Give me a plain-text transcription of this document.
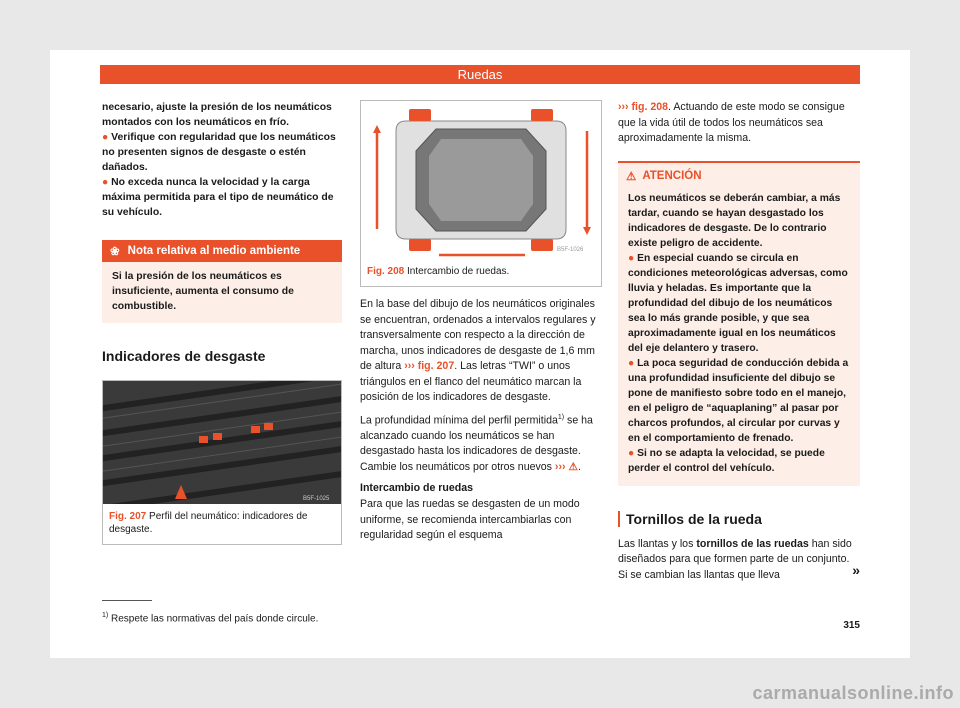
Ruedas

necesario, ajuste la presión de los neumáticos montados con los neumáticos en frío.

● Verifique con regularidad que los neumáticos no presenten signos de desgaste o estén dañados.

● No exceda nunca la velocidad y la carga máxima permitida para el tipo de neumático de su vehículo.

❀ Nota relativa al medio ambiente
Si la presión de los neumáticos es insuficiente, aumenta el consumo de combustible.
Indicadores de desgaste
B5F-1025
Fig. 207 Perfil del neumático: indicadores de desgaste.
B5F-1026
Fig. 208 Intercambio de ruedas.

En la base del dibujo de los neumáticos originales se encuentran, ordenados a intervalos regulares y transversalmente con respecto a la dirección de marcha, unos indicadores de desgaste de 1,6 mm de altura ››› fig. 207. Las letras “TWI” o unos triángulos en el flanco del neumático marcan la posición de los indicadores de desgaste.

La profundidad mínima del perfil permitida$^{1)}$ se ha alcanzado cuando los neumáticos se han desgastado hasta los indicadores de desgaste. Cambie los neumáticos por otros nuevos ››› ⚠.

Intercambio de ruedas

Para que las ruedas se desgasten de un modo uniforme, se recomienda intercambiarlas con regularidad según el esquema

››› fig. 208. Actuando de este modo se consigue que la vida útil de todos los neumáticos sea aproximadamente la misma.

⚠ ATENCIÓN

Los neumáticos se deberán cambiar, a más tardar, cuando se hayan desgastado los indicadores de desgaste. De lo contrario existe peligro de accidente.

● En especial cuando se circula en condiciones meteorológicas adversas, como lluvia y heladas. Es importante que la profundidad del dibujo de los neumáticos sea lo más grande posible, y que sea aproximadamente igual en los neumáticos del eje delantero y trasero.

● La poca seguridad de conducción debida a una profundidad insuficiente del dibujo se pone de manifiesto sobre todo en el manejo, en el peligro de “aquaplaning” al pasar por charcos profundos, al circular por curvas y en el comportamiento de frenado.

● Si no se adapta la velocidad, se puede perder el control del vehículo.

Tornillos de la rueda

Las llantas y los tornillos de las ruedas han sido diseñados para que formen parte de un conjunto. Si se cambian las llantas que lleva	»
$^{1)}$ Respete las normativas del país donde circule.
315
carmanualsonline.info
